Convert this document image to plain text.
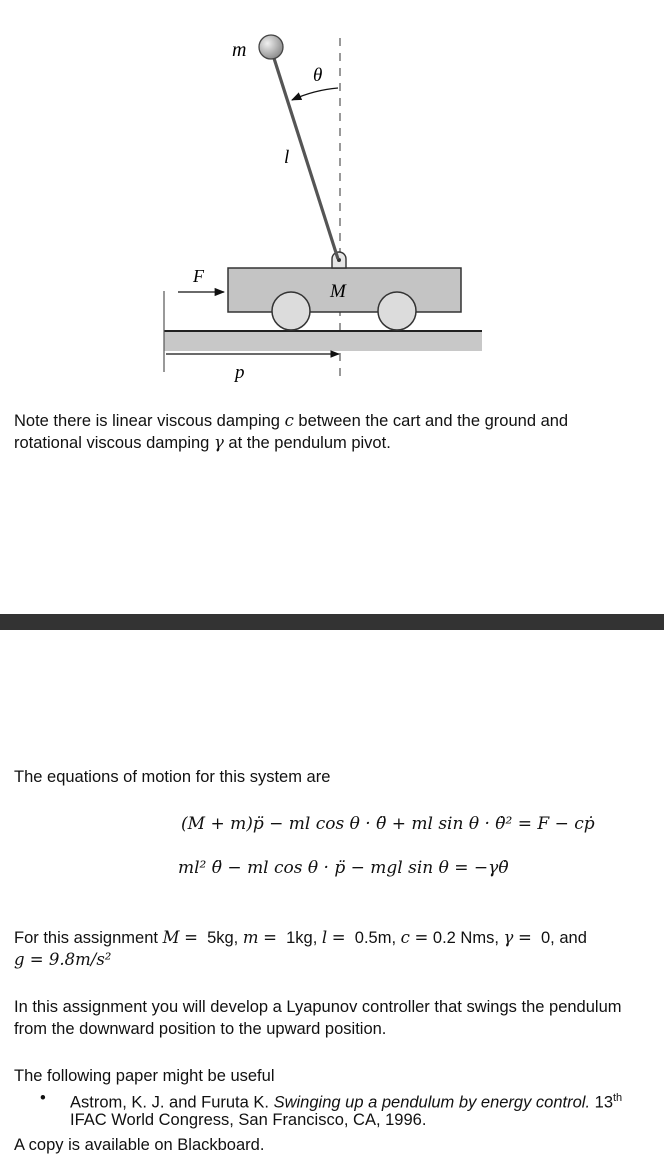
m
θ
l
F
M
p
Note there is linear viscous damping c between the cart and the ground and
rotational viscous damping γ at the pendulum pivot.
The equations of motion for this system are
(M + m)p̈ − ml cos θ · θ̈ + ml sin θ · θ̇² = F − cṗ
ml² θ̈ − ml cos θ · p̈ − mgl sin θ = −γθ̇
For this assignment M = 5kg, m = 1kg, l = 0.5m, c = 0.2 Nms, γ = 0, and
g = 9.8m/s²
In this assignment you will develop a Lyapunov controller that swings the pendulum
from the downward position to the upward position.
The following paper might be useful
• Astrom, K. J. and Furuta K. Swinging up a pendulum by energy control. 13th
IFAC World Congress, San Francisco, CA, 1996.
A copy is available on Blackboard.
